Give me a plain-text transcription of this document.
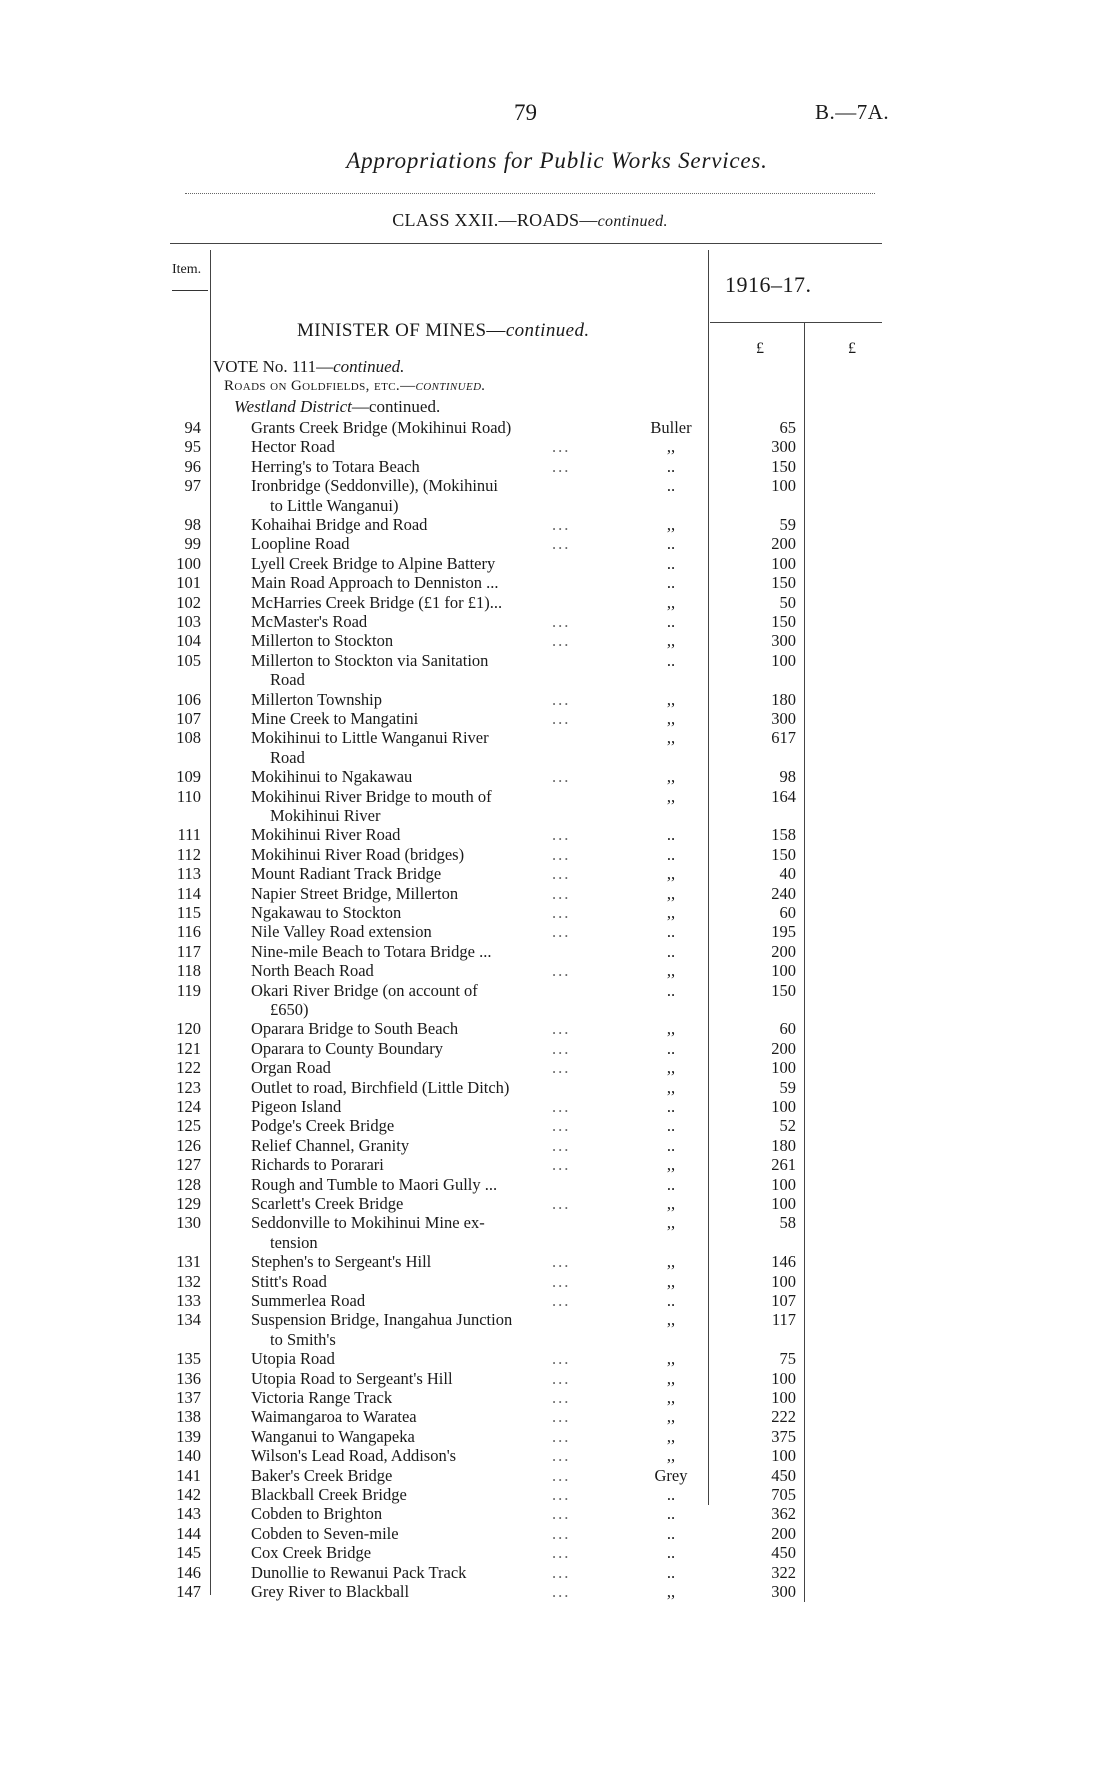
79	B.—7A.
Appropriations for Public Works Services.
CLASS XXII.—ROADS—continued.
Item.
1916–17.
£	£
MINISTER OF MINES—continued.
VOTE No. 111—continued.
Roads on Goldfields, etc.—continued.
Westland District—continued.
94	Grants Creek Bridge (Mokihinui Road)	Buller	65
95	Hector Road	...	,,	300
96	Herring's to Totara Beach	...	..	150
97	Ironbridge (Seddonville), (Mokihinui	..	100
to Little Wanganui)
98	Kohaihai Bridge and Road	...	,,	59
99	Loopline Road	...	..	200
100	Lyell Creek Bridge to Alpine Battery	..	100
101	Main Road Approach to Denniston ...	..	150
102	McHarries Creek Bridge (£1 for £1)...	,,	50
103	McMaster's Road	...	..	150
104	Millerton to Stockton	...	,,	300
105	Millerton to Stockton via Sanitation	..	100
Road
106	Millerton Township	...	,,	180
107	Mine Creek to Mangatini	...	,,	300
108	Mokihinui to Little Wanganui River	,,	617
Road
109	Mokihinui to Ngakawau	...	,,	98
110	Mokihinui River Bridge to mouth of	,,	164
Mokihinui River
111	Mokihinui River Road	...	..	158
112	Mokihinui River Road (bridges)	...	..	150
113	Mount Radiant Track Bridge	...	,,	40
114	Napier Street Bridge, Millerton	...	,,	240
115	Ngakawau to Stockton	...	,,	60
116	Nile Valley Road extension	...	..	195
117	Nine-mile Beach to Totara Bridge ...	..	200
118	North Beach Road	...	,,	100
119	Okari River Bridge (on account of	..	150
£650)
120	Oparara Bridge to South Beach	...	,,	60
121	Oparara to County Boundary	...	..	200
122	Organ Road	...	,,	100
123	Outlet to road, Birchfield (Little Ditch)	,,	59
124	Pigeon Island	...	..	100
125	Podge's Creek Bridge	...	..	52
126	Relief Channel, Granity	...	..	180
127	Richards to Porarari	...	,,	261
128	Rough and Tumble to Maori Gully ...	..	100
129	Scarlett's Creek Bridge	...	,,	100
130	Seddonville to Mokihinui Mine ex-	,,	58
tension
131	Stephen's to Sergeant's Hill	...	,,	146
132	Stitt's Road	...	,,	100
133	Summerlea Road	...	..	107
134	Suspension Bridge, Inangahua Junction	,,	117
to Smith's
135	Utopia Road	...	,,	75
136	Utopia Road to Sergeant's Hill	...	,,	100
137	Victoria Range Track	...	,,	100
138	Waimangaroa to Waratea	...	,,	222
139	Wanganui to Wangapeka	...	,,	375
140	Wilson's Lead Road, Addison's	...	,,	100
141	Baker's Creek Bridge	...	Grey	450
142	Blackball Creek Bridge	...	..	705
143	Cobden to Brighton	...	..	362
144	Cobden to Seven-mile	...	..	200
145	Cox Creek Bridge	...	..	450
146	Dunollie to Rewanui Pack Track	...	..	322
147	Grey River to Blackball	...	,,	300
